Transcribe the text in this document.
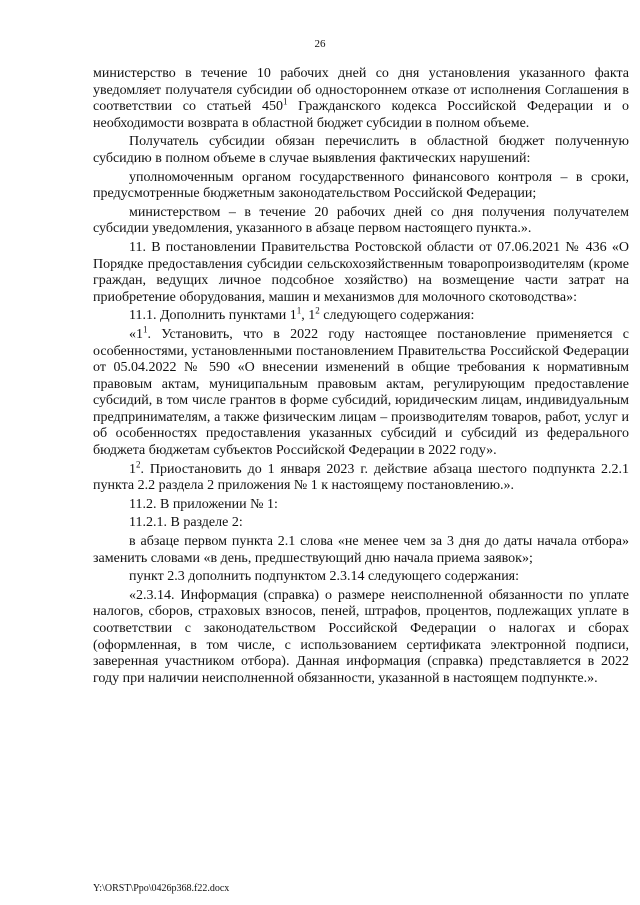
26

министерство в течение 10 рабочих дней со дня установления указанного факта уведомляет получателя субсидии об одностороннем отказе от исполнения Соглашения в соответствии со статьей $450^1$ Гражданского кодекса Российской Федерации и о необходимости возврата в областной бюджет субсидии в полном объеме.

Получатель субсидии обязан перечислить в областной бюджет полученную субсидию в полном объеме в случае выявления фактических нарушений:

уполномоченным органом государственного финансового контроля – в сроки, предусмотренные бюджетным законодательством Российской Федерации;

министерством – в течение 20 рабочих дней со дня получения получателем субсидии уведомления, указанного в абзаце первом настоящего пункта.».

11. В постановлении Правительства Ростовской области от 07.06.2021 № 436 «О Порядке предоставления субсидии сельскохозяйственным товаропроизводителям (кроме граждан, ведущих личное подсобное хозяйство) на возмещение части затрат на приобретение оборудования, машин и механизмов для молочного скотоводства»:

11.1. Дополнить пунктами $1^1$, $1^2$ следующего содержания:

«$1^1$. Установить, что в 2022 году настоящее постановление применяется с особенностями, установленными постановлением Правительства Российской Федерации от 05.04.2022 № 590 «О внесении изменений в общие требования к нормативным правовым актам, муниципальным правовым актам, регулирующим предоставление субсидий, в том числе грантов в форме субсидий, юридическим лицам, индивидуальным предпринимателям, а также физическим лицам – производителям товаров, работ, услуг и об особенностях предоставления указанных субсидий и субсидий из федерального бюджета бюджетам субъектов Российской Федерации в 2022 году».

$1^2$. Приостановить до 1 января 2023 г. действие абзаца шестого подпункта 2.2.1 пункта 2.2 раздела 2 приложения № 1 к настоящему постановлению.».

11.2. В приложении № 1:

11.2.1. В разделе 2:

в абзаце первом пункта 2.1 слова «не менее чем за 3 дня до даты начала отбора» заменить словами «в день, предшествующий дню начала приема заявок»;

пункт 2.3 дополнить подпунктом 2.3.14 следующего содержания:

«2.3.14. Информация (справка) о размере неисполненной обязанности по уплате налогов, сборов, страховых взносов, пеней, штрафов, процентов, подлежащих уплате в соответствии с законодательством Российской Федерации о налогах и сборах (оформленная, в том числе, с использованием сертификата электронной подписи, заверенная участником отбора). Данная информация (справка) представляется в 2022 году при наличии неисполненной обязанности, указанной в настоящем подпункте.».

Y:\ORST\Ppo\0426p368.f22.docx
